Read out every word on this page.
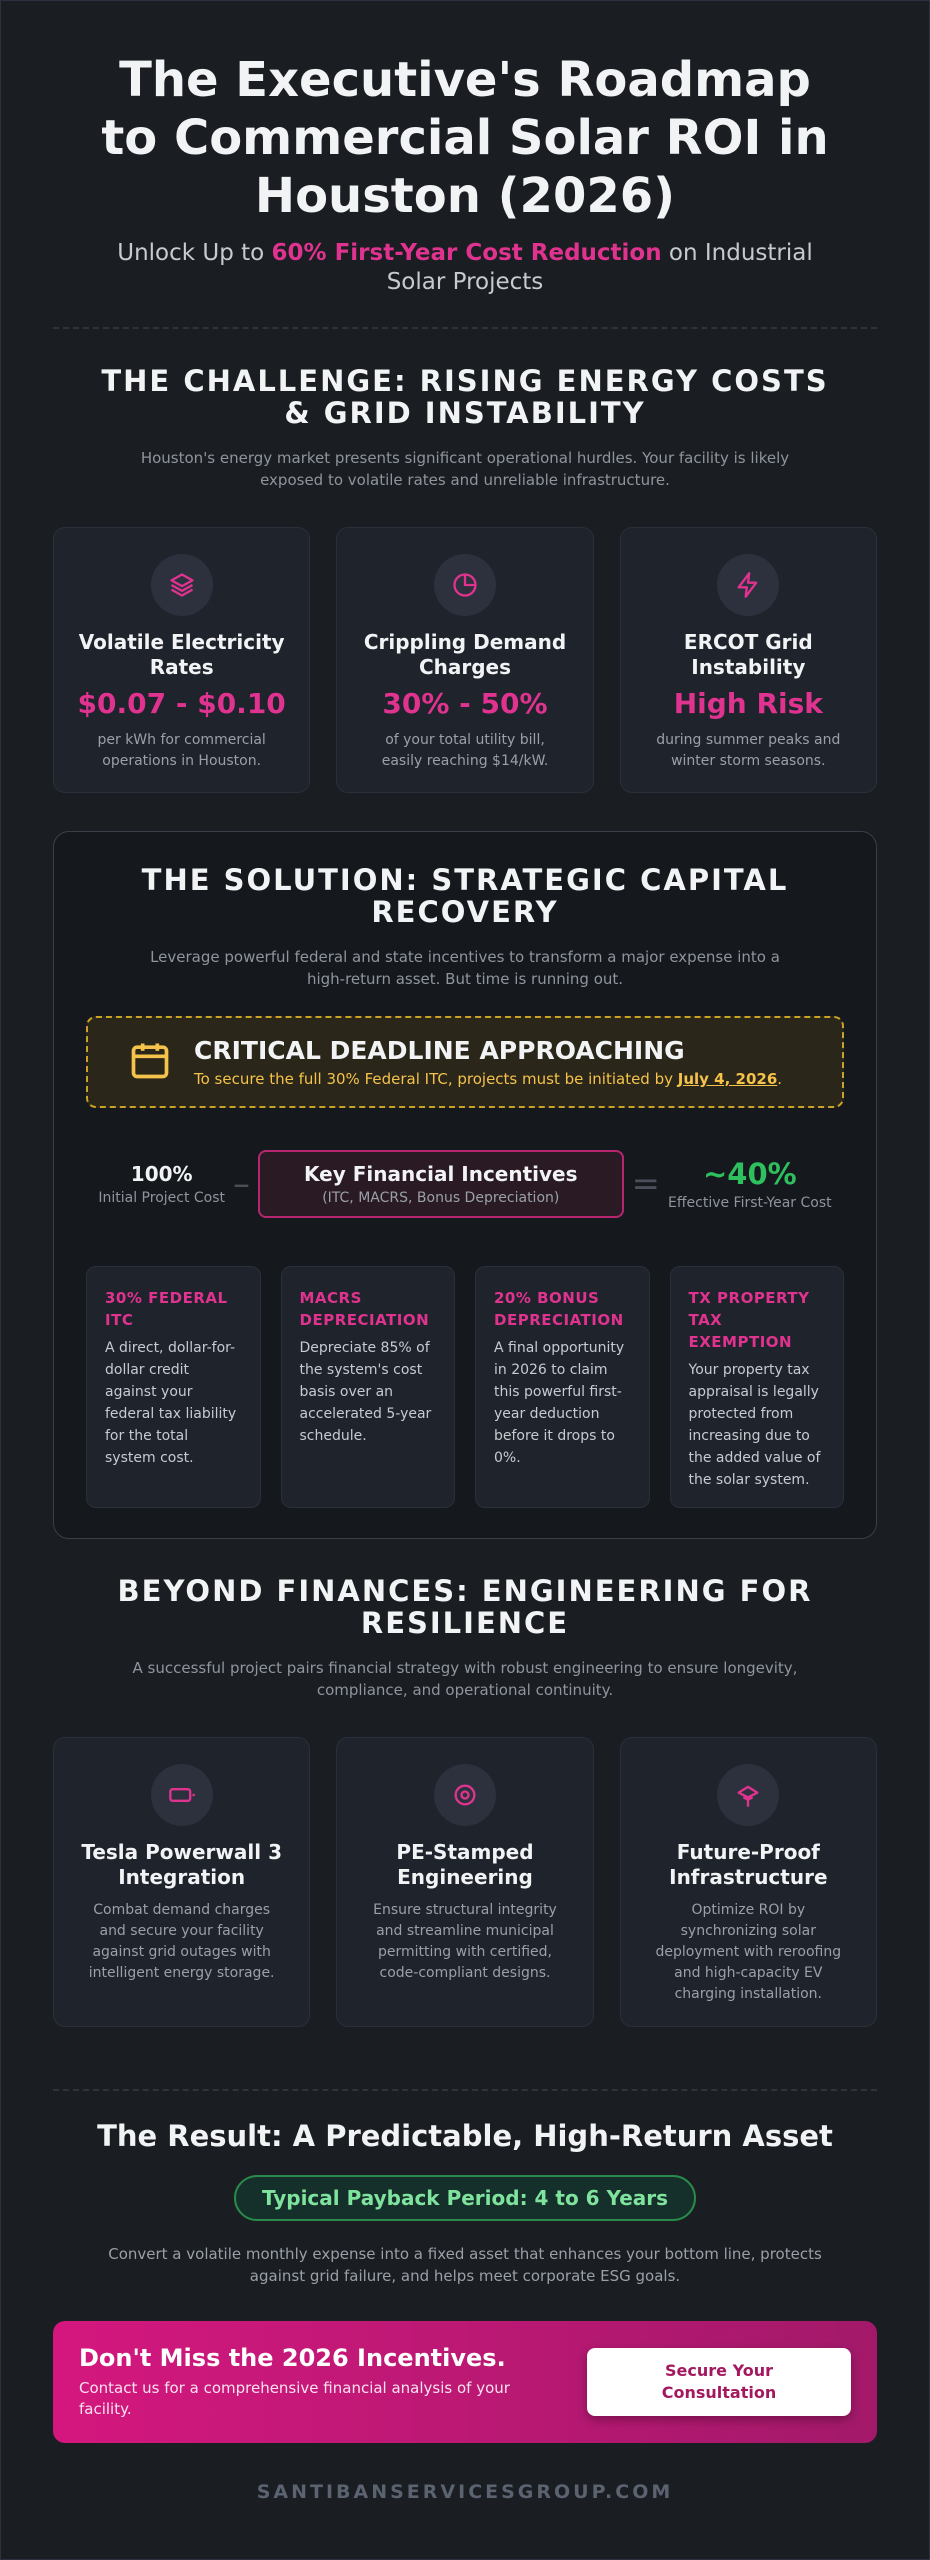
The Executive's Roadmap to Commercial Solar ROI in Houston (2026)

Unlock Up to 60% First-Year Cost Reduction on Industrial Solar Projects

THE CHALLENGE: RISING ENERGY COSTS & GRID INSTABILITY

Houston's energy market presents significant operational hurdles. Your facility is likely exposed to volatile rates and unreliable infrastructure.

Volatile Electricity Rates
$0.07 - $0.10
per kWh for commercial operations in Houston.
Crippling Demand Charges
30% - 50%
of your total utility bill, easily reaching $14/kW.
ERCOT Grid Instability
High Risk
during summer peaks and winter storm seasons.
THE SOLUTION: STRATEGIC CAPITAL RECOVERY

Leverage powerful federal and state incentives to transform a major expense into a high-return asset. But time is running out.

CRITICAL DEADLINE APPROACHING
To secure the full 30% Federal ITC, projects must be initiated by July 4, 2026.
100%
Initial Project Cost –	Key Financial Incentives
(ITC, MACRS, Bonus Depreciation)	=	~40%
Effective First-Year Cost
30% FEDERAL ITC
A direct, dollar-for-dollar credit against your federal tax liability for the total system cost.
MACRS DEPRECIATION
Depreciate 85% of the system's cost basis over an accelerated 5-year schedule.
20% BONUS DEPRECIATION
A final opportunity in 2026 to claim this powerful first-year deduction before it drops to 0%.
TX PROPERTY TAX EXEMPTION
Your property tax appraisal is legally protected from increasing due to the added value of the solar system.
BEYOND FINANCES: ENGINEERING FOR RESILIENCE

A successful project pairs financial strategy with robust engineering to ensure longevity, compliance, and operational continuity.

Tesla Powerwall 3 Integration
Combat demand charges and secure your facility against grid outages with intelligent energy storage.
PE-Stamped Engineering
Ensure structural integrity and streamline municipal permitting with certified, code-compliant designs.
Future-Proof Infrastructure
Optimize ROI by synchronizing solar deployment with reroofing and high-capacity EV charging installation.
The Result: A Predictable, High-Return Asset
Typical Payback Period: 4 to 6 Years

Convert a volatile monthly expense into a fixed asset that enhances your bottom line, protects against grid failure, and helps meet corporate ESG goals.

Don't Miss the 2026 Incentives.
Contact us for a comprehensive financial analysis of your facility.
Secure Your
Consultation
SANTIBANSERVICESGROUP.COM
